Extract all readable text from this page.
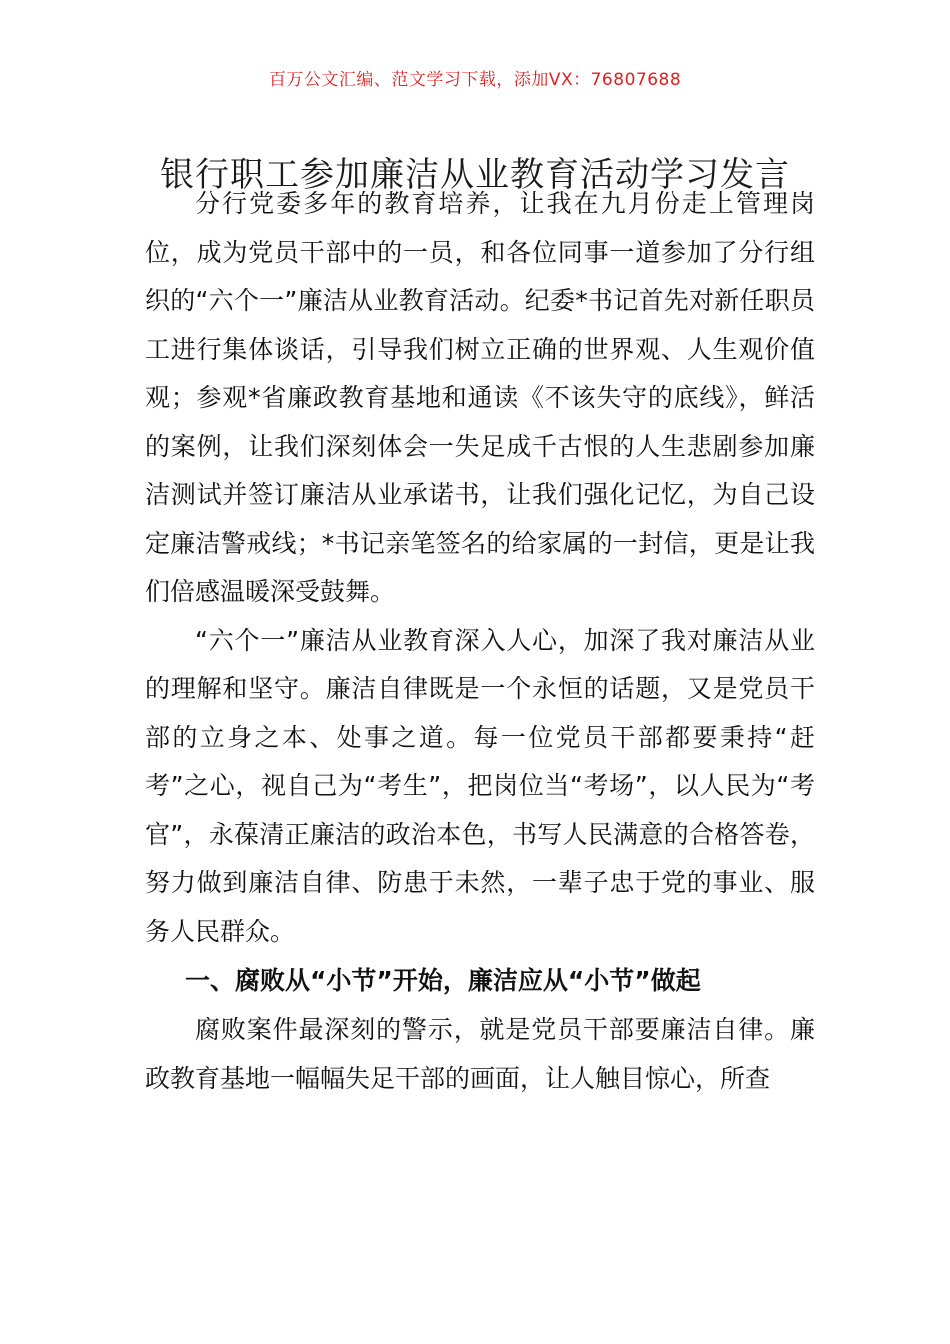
百万公文汇编、范文学习下载，添加VX：76807688
银行职工参加廉洁从业教育活动学习发言

分行党委多年的教育培养，让我在九月份走上管理岗位，成为党员干部中的一员，和各位同事一道参加了分行组织的“六个一”廉洁从业教育活动。纪委*书记首先对新任职员工进行集体谈话，引导我们树立正确的世界观、人生观价值观；参观*省廉政教育基地和通读《不该失守的底线》，鲜活的案例，让我们深刻体会一失足成千古恨的人生悲剧参加廉洁测试并签订廉洁从业承诺书，让我们强化记忆，为自己设定廉洁警戒线；*书记亲笔签名的给家属的一封信，更是让我们倍感温暖深受鼓舞。

“六个一”廉洁从业教育深入人心，加深了我对廉洁从业的理解和坚守。廉洁自律既是一个永恒的话题，又是党员干部的立身之本、处事之道。每一位党员干部都要秉持“赶考”之心，视自己为“考生”，把岗位当“考场”，以人民为“考官”，永葆清正廉洁的政治本色，书写人民满意的合格答卷，努力做到廉洁自律、防患于未然，一辈子忠于党的事业、服务人民群众。

一、腐败从“小节”开始，廉洁应从“小节”做起

腐败案件最深刻的警示，就是党员干部要廉洁自律。廉政教育基地一幅幅失足干部的画面，让人触目惊心，所查
